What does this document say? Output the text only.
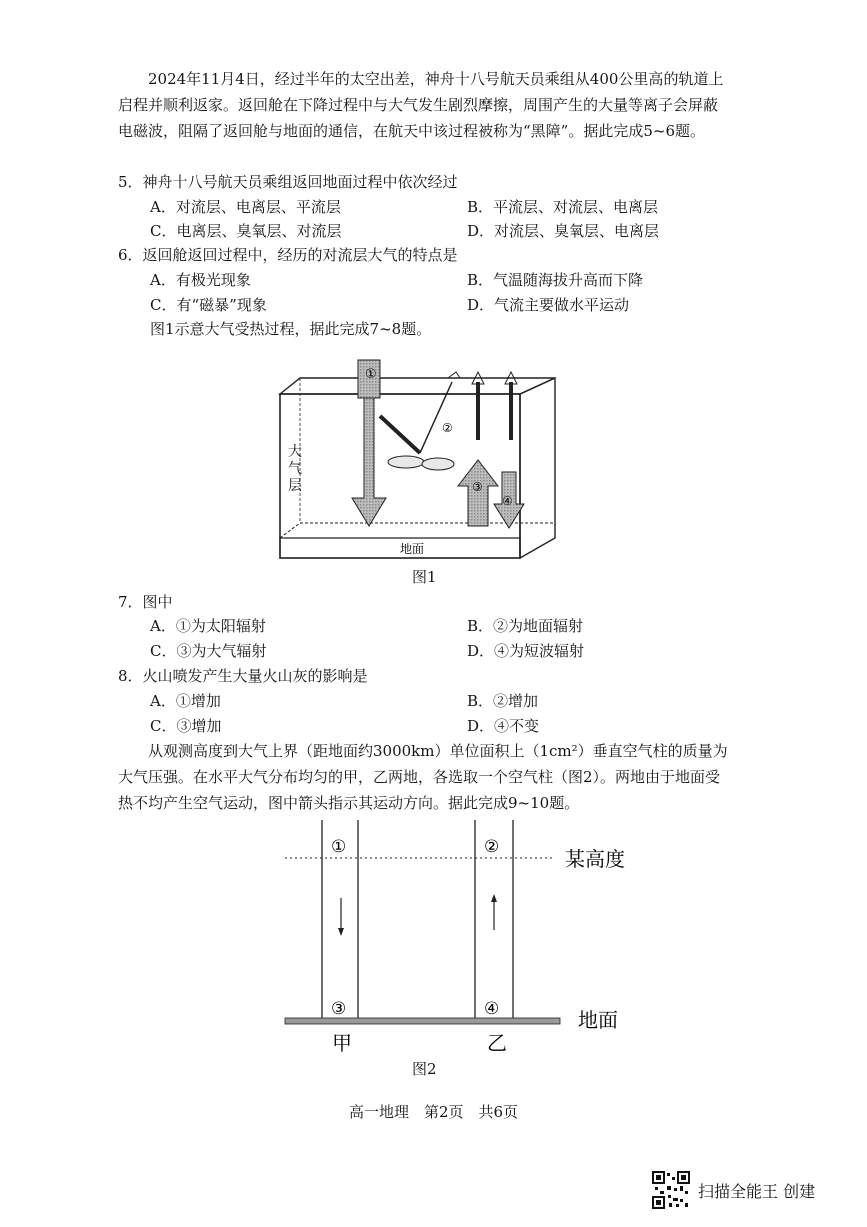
2024年11月4日，经过半年的太空出差，神舟十八号航天员乘组从400公里高的轨道上启程并顺利返家。返回舱在下降过程中与大气发生剧烈摩擦，周围产生的大量等离子会屏蔽电磁波，阻隔了返回舱与地面的通信，在航天中该过程被称为“黑障”。据此完成5~6题。
5．神舟十八号航天员乘组返回地面过程中依次经过
A．对流层、电离层、平流层	B．平流层、对流层、电离层
C．电离层、臭氧层、对流层	D．对流层、臭氧层、电离层
6．返回舱返回过程中，经历的对流层大气的特点是
A．有极光现象	B．气温随海拔升高而下降
C．有“磁暴”现象	D．气流主要做水平运动
图1示意大气受热过程，据此完成7~8题。
①
②
③
④
地面
大气层
图1
7．图中
A．①为太阳辐射	B．②为地面辐射
C．③为大气辐射	D．④为短波辐射
8．火山喷发产生大量火山灰的影响是
A．①增加	B．②增加
C．③增加	D．④不变
从观测高度到大气上界（距地面约3000km）单位面积上（1cm²）垂直空气柱的质量为大气压强。在水平大气分布均匀的甲，乙两地，各选取一个空气柱（图2）。两地由于地面受热不均产生空气运动，图中箭头指示其运动方向。据此完成9~10题。
①	②
③	④
某高度
地面
甲	乙
图2
高一地理　第2页　共6页
扫描全能王 创建
